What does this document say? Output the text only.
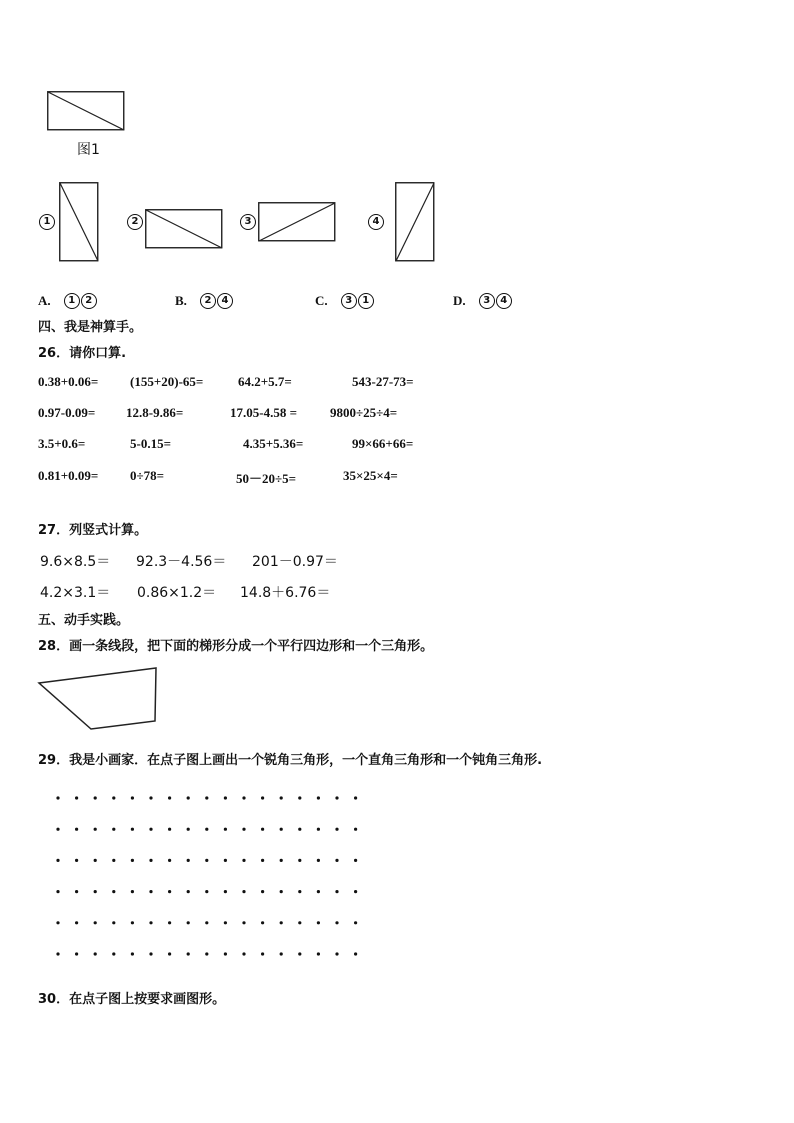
图1
1	2	3	4
A. 1 2	B. 2 4	C. 3 1	D. 3 4
四、我是神算手。
26．请你口算.
0.38+0.06= (155+20)-65=	64.2+5.7=	543-27-73=
0.97-0.09= 12.8-9.86=	17.05-4.58 =	9800÷25÷4=
3.5+0.6=	5-0.15=	4.35+5.36=	99×66+66=
0.81+0.09= 0÷78=	50－20÷5=	35×25×4=
27．列竖式计算。
9.6×8.5＝ 92.3－4.56＝ 201－0.97＝
4.2×3.1＝ 0.86×1.2＝ 14.8＋6.76＝
五、动手实践。
28．画一条线段，把下面的梯形分成一个平行四边形和一个三角形。
29．我是小画家．在点子图上画出一个锐角三角形，一个直角三角形和一个钝角三角形.
30．在点子图上按要求画图形。
